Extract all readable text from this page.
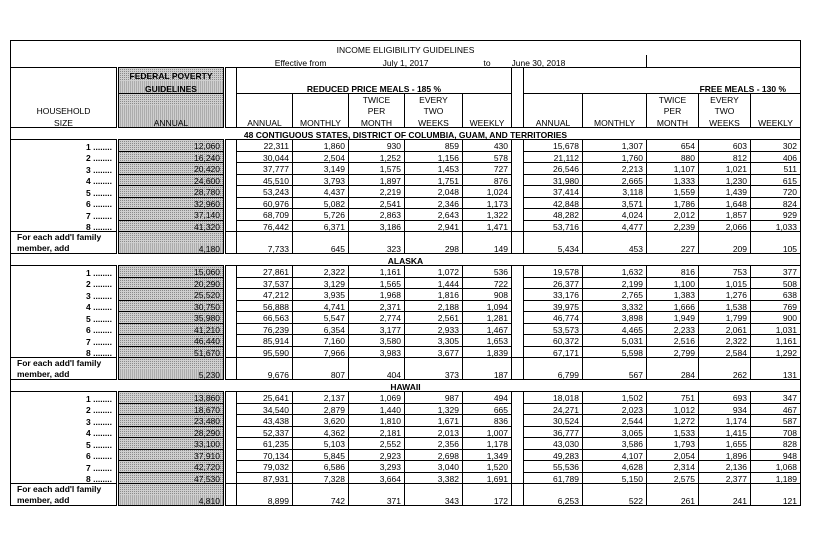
INCOME ELIGIBILITY GUIDELINES													
Effective from					July 1, 2017		to	June 30, 2018					
	FEDERAL POVERTY												
	GUIDELINES		REDUCED PRICE MEALS - 185 %						FREE MEALS - 130 %				
					TWICE	EVERY					TWICE	EVERY	
HOUSEHOLD					PER	TWO					PER	TWO	
SIZE	ANNUAL		ANNUAL	MONTHLY	MONTH	WEEKS	WEEKLY		ANNUAL	MONTHLY	MONTH	WEEKS	WEEKLY
48 CONTIGUOUS STATES, DISTRICT OF COLUMBIA, GUAM, AND TERRITORIES													
1 ........	12,060		22,311	1,860	930	859	430		15,678	1,307	654	603	302
2 ........	16,240		30,044	2,504	1,252	1,156	578		21,112	1,760	880	812	406
3 ........	20,420		37,777	3,149	1,575	1,453	727		26,546	2,213	1,107	1,021	511
4 ........	24,600		45,510	3,793	1,897	1,751	876		31,980	2,665	1,333	1,230	615
5 ........	28,780		53,243	4,437	2,219	2,048	1,024		37,414	3,118	1,559	1,439	720
6 ........	32,960		60,976	5,082	2,541	2,346	1,173		42,848	3,571	1,786	1,648	824
7 ........	37,140		68,709	5,726	2,863	2,643	1,322		48,282	4,024	2,012	1,857	929
8 ........	41,320		76,442	6,371	3,186	2,941	1,471		53,716	4,477	2,239	2,066	1,033
For each add'l family													
member, add	4,180		7,733	645	323	298	149		5,434	453	227	209	105
ALASKA													
1 ........	15,060		27,861	2,322	1,161	1,072	536		19,578	1,632	816	753	377
2 ........	20,290		37,537	3,129	1,565	1,444	722		26,377	2,199	1,100	1,015	508
3 ........	25,520		47,212	3,935	1,968	1,816	908		33,176	2,765	1,383	1,276	638
4 ........	30,750		56,888	4,741	2,371	2,188	1,094		39,975	3,332	1,666	1,538	769
5 ........	35,980		66,563	5,547	2,774	2,561	1,281		46,774	3,898	1,949	1,799	900
6 ........	41,210		76,239	6,354	3,177	2,933	1,467		53,573	4,465	2,233	2,061	1,031
7 ........	46,440		85,914	7,160	3,580	3,305	1,653		60,372	5,031	2,516	2,322	1,161
8 ........	51,670		95,590	7,966	3,983	3,677	1,839		67,171	5,598	2,799	2,584	1,292
For each add'l family													
member, add	5,230		9,676	807	404	373	187		6,799	567	284	262	131
HAWAII													
1 ........	13,860		25,641	2,137	1,069	987	494		18,018	1,502	751	693	347
2 ........	18,670		34,540	2,879	1,440	1,329	665		24,271	2,023	1,012	934	467
3 ........	23,480		43,438	3,620	1,810	1,671	836		30,524	2,544	1,272	1,174	587
4 ........	28,290		52,337	4,362	2,181	2,013	1,007		36,777	3,065	1,533	1,415	708
5 ........	33,100		61,235	5,103	2,552	2,356	1,178		43,030	3,586	1,793	1,655	828
6 ........	37,910		70,134	5,845	2,923	2,698	1,349		49,283	4,107	2,054	1,896	948
7 ........	42,720		79,032	6,586	3,293	3,040	1,520		55,536	4,628	2,314	2,136	1,068
8 ........	47,530		87,931	7,328	3,664	3,382	1,691		61,789	5,150	2,575	2,377	1,189
For each add'l family													
member, add	4,810		8,899	742	371	343	172		6,253	522	261	241	121
